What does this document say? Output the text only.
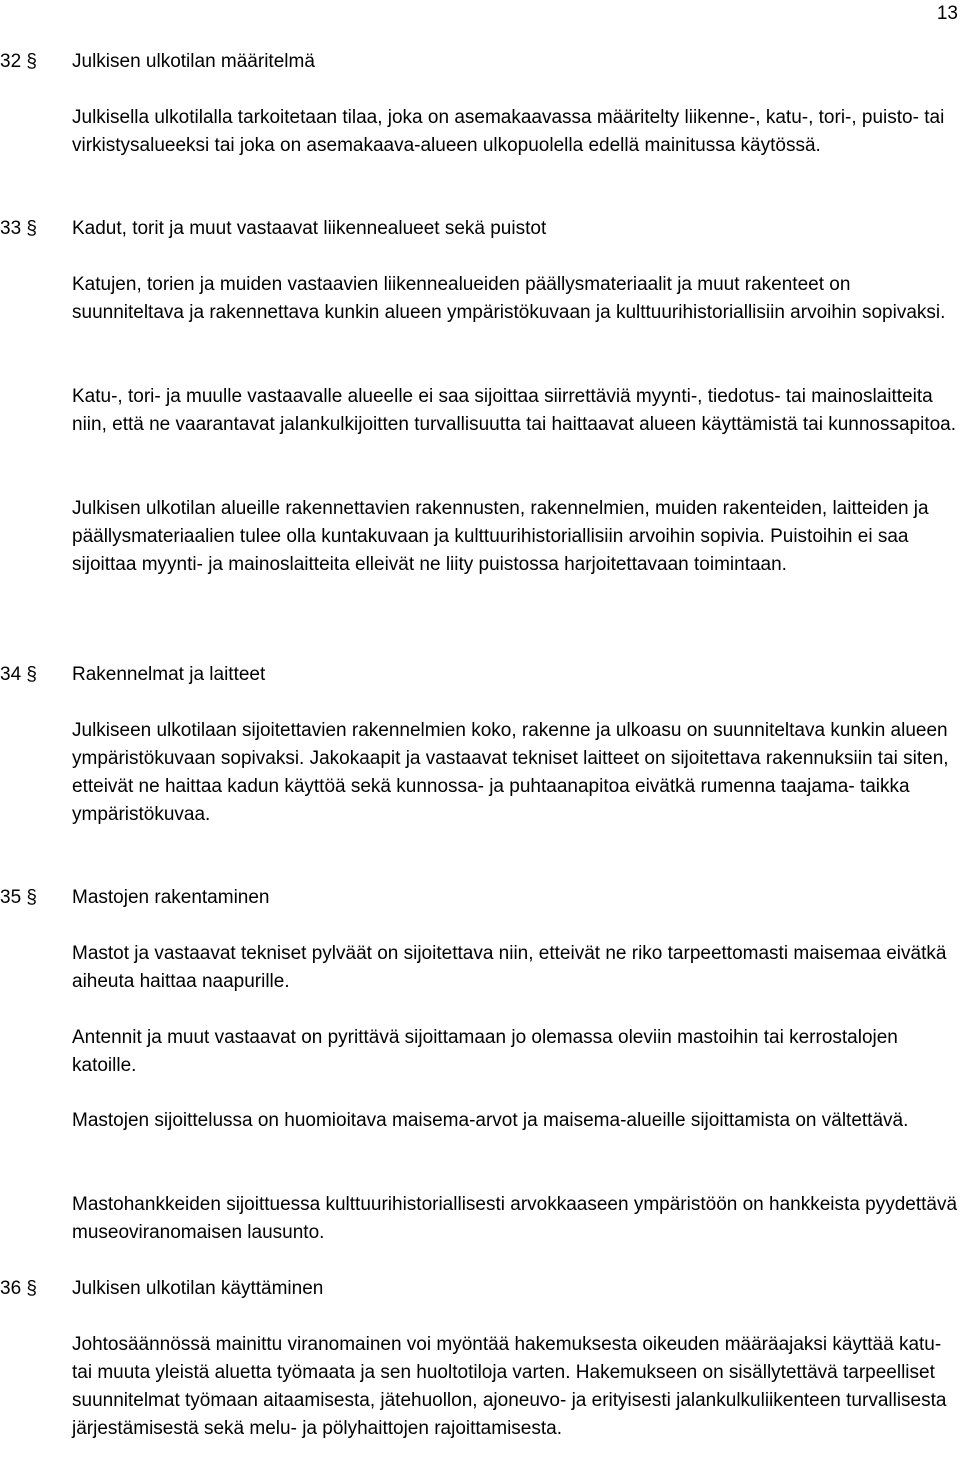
13
32 §	Julkisen ulkotilan määritelmä

Julkisella ulkotilalla tarkoitetaan tilaa, joka on asemakaavassa määritelty liikenne-, katu-, tori-, puisto- tai virkistysalueeksi tai joka on asemakaava-alueen ulkopuolella edellä mainitussa käytössä.

33 §	Kadut, torit ja muut vastaavat liikennealueet sekä puistot

Katujen, torien ja muiden vastaavien liikennealueiden päällysmateriaalit ja muut rakenteet on suunniteltava ja rakennettava kunkin alueen ympäristökuvaan ja kulttuurihistoriallisiin arvoihin sopivaksi.

Katu-, tori- ja muulle vastaavalle alueelle ei saa sijoittaa siirrettäviä myynti-, tiedotus- tai mainoslaitteita niin, että ne vaarantavat jalankulkijoitten turvallisuutta tai haittaavat alueen käyttämistä tai kunnossapitoa.

Julkisen ulkotilan alueille rakennettavien rakennusten, rakennelmien, muiden rakenteiden, laitteiden ja päällysmateriaalien tulee olla kuntakuvaan ja kulttuurihistoriallisiin arvoihin sopivia. Puistoihin ei saa sijoittaa myynti- ja mainoslaitteita elleivät ne liity puistossa harjoitettavaan toimintaan.

34 §	Rakennelmat ja laitteet

Julkiseen ulkotilaan sijoitettavien rakennelmien koko, rakenne ja ulkoasu on suunniteltava kunkin alueen ympäristökuvaan sopivaksi. Jakokaapit ja vastaavat tekniset laitteet on sijoitettava rakennuksiin tai siten, etteivät ne haittaa kadun käyttöä sekä kunnossa- ja puhtaanapitoa eivätkä rumenna taajama- taikka ympäristökuvaa.

35 §	Mastojen rakentaminen

Mastot ja vastaavat tekniset pylväät on sijoitettava niin, etteivät ne riko tarpeettomasti maisemaa eivätkä aiheuta haittaa naapurille.

Antennit ja muut vastaavat on pyrittävä sijoittamaan jo olemassa oleviin mastoihin tai kerrostalojen katoille.

Mastojen sijoittelussa on huomioitava maisema-arvot ja maisema-alueille sijoittamista on vältettävä.

Mastohankkeiden sijoittuessa kulttuurihistoriallisesti arvokkaaseen ympäristöön on hankkeista pyydettävä museoviranomaisen lausunto.

36 §	Julkisen ulkotilan käyttäminen

Johtosäännössä mainittu viranomainen voi myöntää hakemuksesta oikeuden määräajaksi käyttää katu- tai muuta yleistä aluetta työmaata ja sen huoltotiloja varten. Hakemukseen on sisällytettävä tarpeelliset suunnitelmat työmaan aitaamisesta, jätehuollon, ajoneuvo- ja erityisesti jalankulkuliikenteen turvallisesta järjestämisestä sekä melu- ja pölyhaittojen rajoittamisesta.
